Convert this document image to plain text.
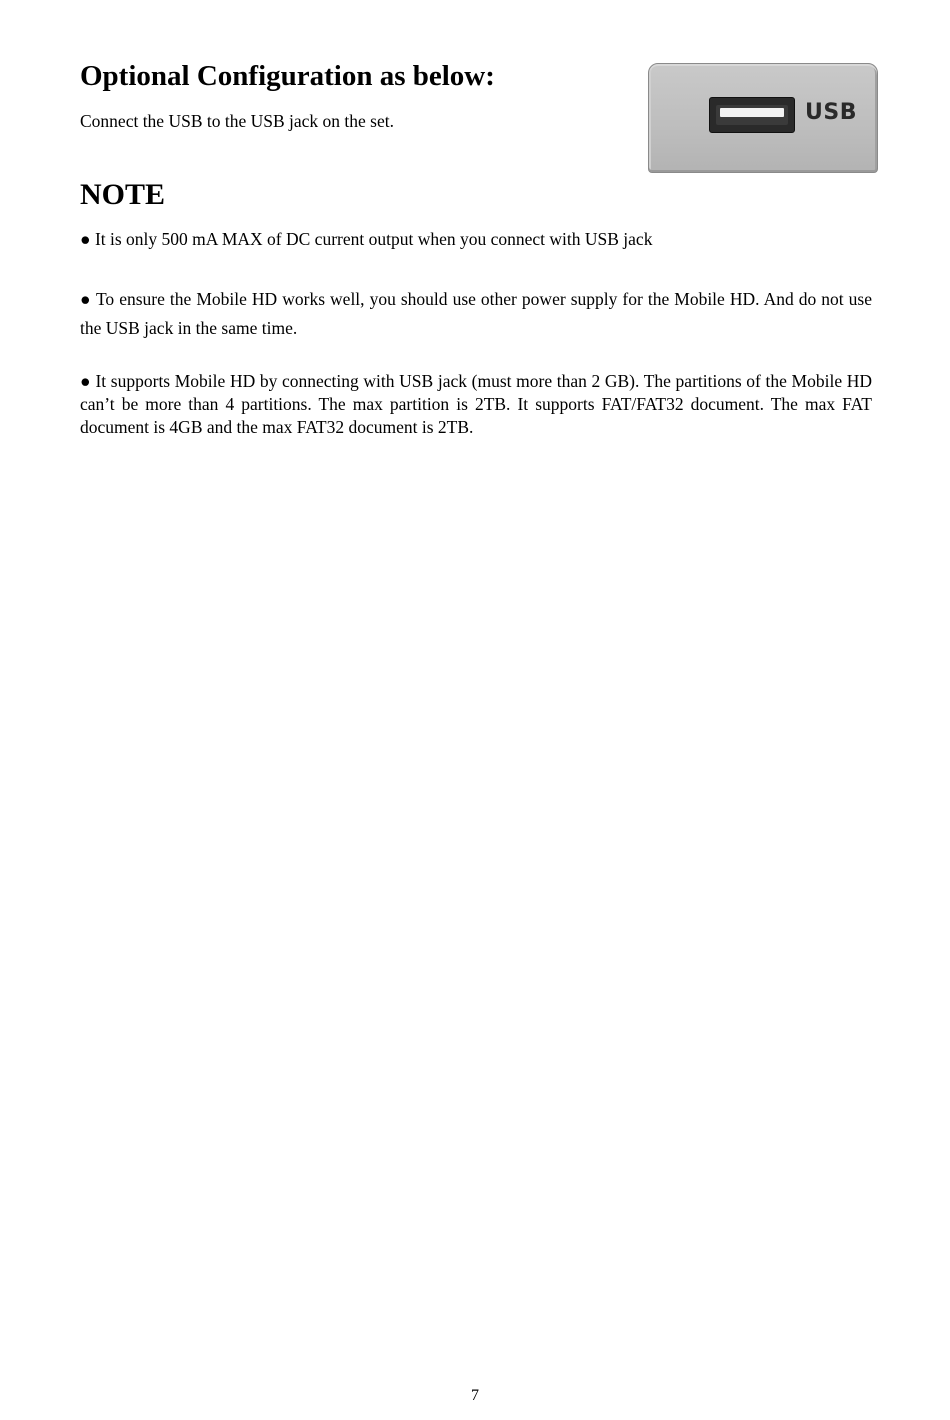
Optional Configuration as below:

Connect the USB to the USB jack on the set.	USB
NOTE

● It is only 500 mA MAX of DC current output when you connect with USB jack

● To ensure the Mobile HD works well, you should use other power supply for the Mobile HD. And do not use the USB jack in the same time.

● It supports Mobile HD by connecting with USB jack (must more than 2 GB). The partitions of the Mobile HD can’t be more than 4 partitions. The max partition is 2TB. It supports FAT/FAT32 document. The max FAT document is 4GB and the max FAT32 document is 2TB.

7
